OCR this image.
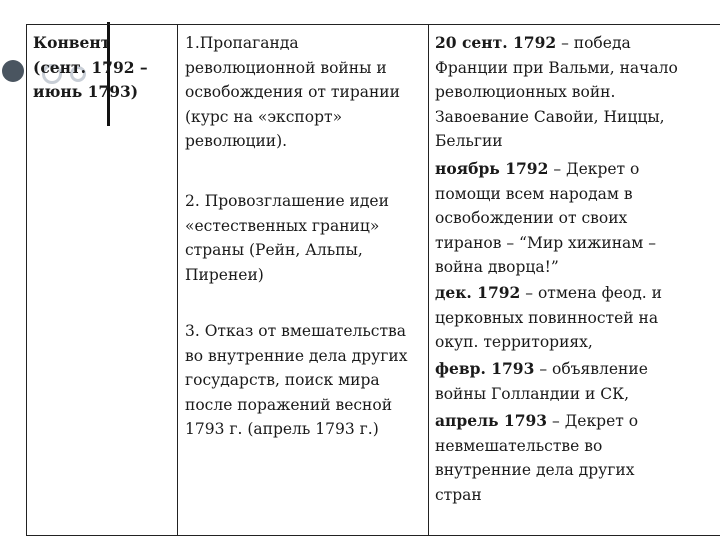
Конвент
(сент. 1792 –
июнь 1793)
1.Пропаганда
революционной войны и
освобождения от тирании
(курс на «экспорт»
революции).
2. Провозглашение идеи
«естественных границ»
страны (Рейн, Альпы,
Пиренеи)
3. Отказ от вмешательства
во внутренние дела других
государств, поиск мира
после поражений весной
1793 г. (апрель 1793 г.)
20 сент. 1792 – победа
Франции при Вальми, начало
революционных войн.
Завоевание Савойи, Ниццы,
Бельгии
ноябрь 1792 – Декрет о
помощи всем народам в
освобождении от своих
тиранов – “Мир хижинам –
война дворца!”
дек. 1792 – отмена феод. и
церковных повинностей на
окуп. территориях,
февр. 1793 – объявление
войны Голландии и СК,
апрель 1793 – Декрет о
невмешательстве во
внутренние дела других
стран
